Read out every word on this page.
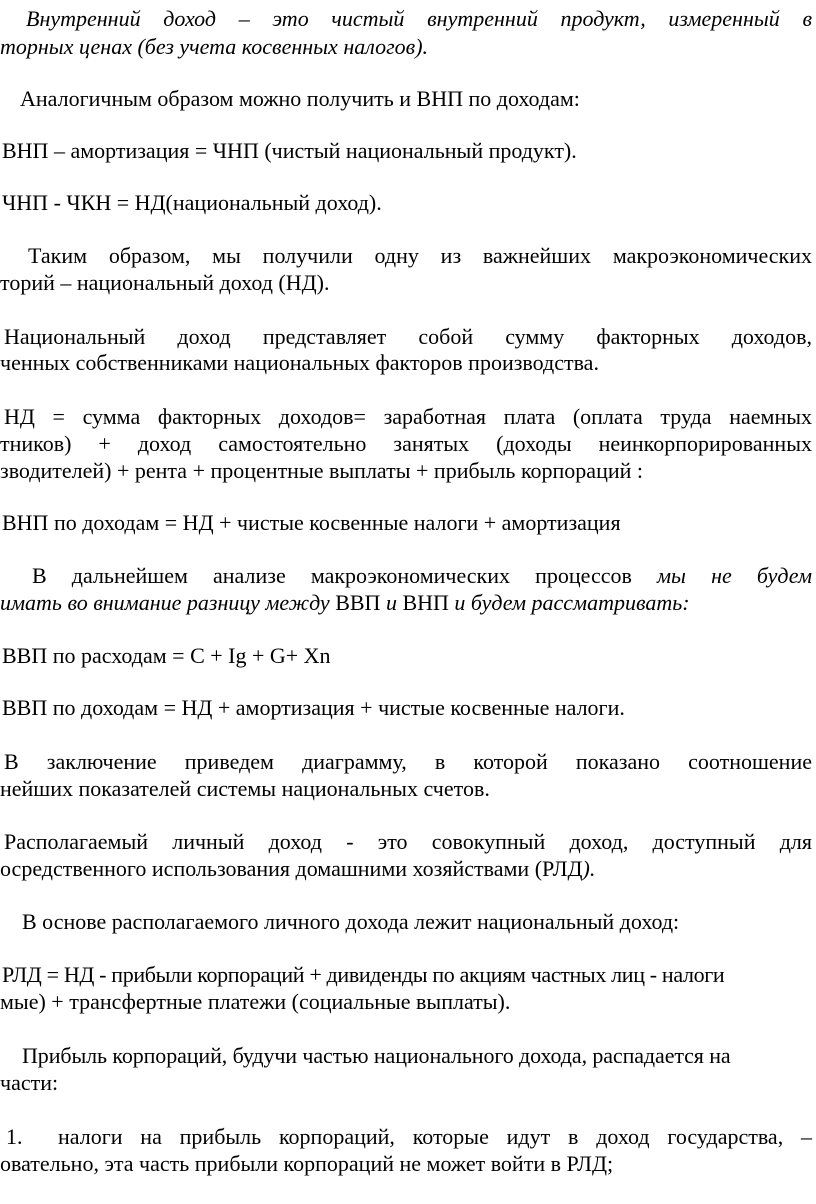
Внутренний доход – это чистый внутренний продукт, измеренный в
торных ценах (без учета косвенных налогов).
Аналогичным образом можно получить и ВНП по доходам:
ВНП – амортизация = ЧНП (чистый национальный продукт).
ЧНП - ЧКН = НД(национальный доход).
Таким образом, мы получили одну из важнейших макроэкономических
торий – национальный доход (НД).
Национальный доход представляет собой сумму факторных доходов,
ченных собственниками национальных факторов производства.
НД = сумма факторных доходов= заработная плата (оплата труда наемных
тников) + доход самостоятельно занятых (доходы неинкорпорированных
зводителей) + рента + процентные выплаты + прибыль корпораций :
ВНП по доходам = НД + чистые косвенные налоги + амортизация
В дальнейшем анализе макроэкономических процессов мы не будем
имать во внимание разницу между ВВП и ВНП и будем рассматривать:
ВВП по расходам = C + Ig + G+ Xn
ВВП по доходам = НД + амортизация + чистые косвенные налоги.
В заключение приведем диаграмму, в которой показано соотношение
нейших показателей системы национальных счетов.
Располагаемый личный доход - это совокупный доход, доступный для
осредственного использования домашними хозяйствами (РЛД).
В основе располагаемого личного дохода лежит национальный доход:
РЛД = НД - прибыли корпораций + дивиденды по акциям частных лиц - налоги
мые) + трансфертные платежи (социальные выплаты).
Прибыль корпораций, будучи частью национального дохода, распадается на
части:
1. налоги на прибыль корпораций, которые идут в доход государства, –
овательно, эта часть прибыли корпораций не может войти в РЛД;
